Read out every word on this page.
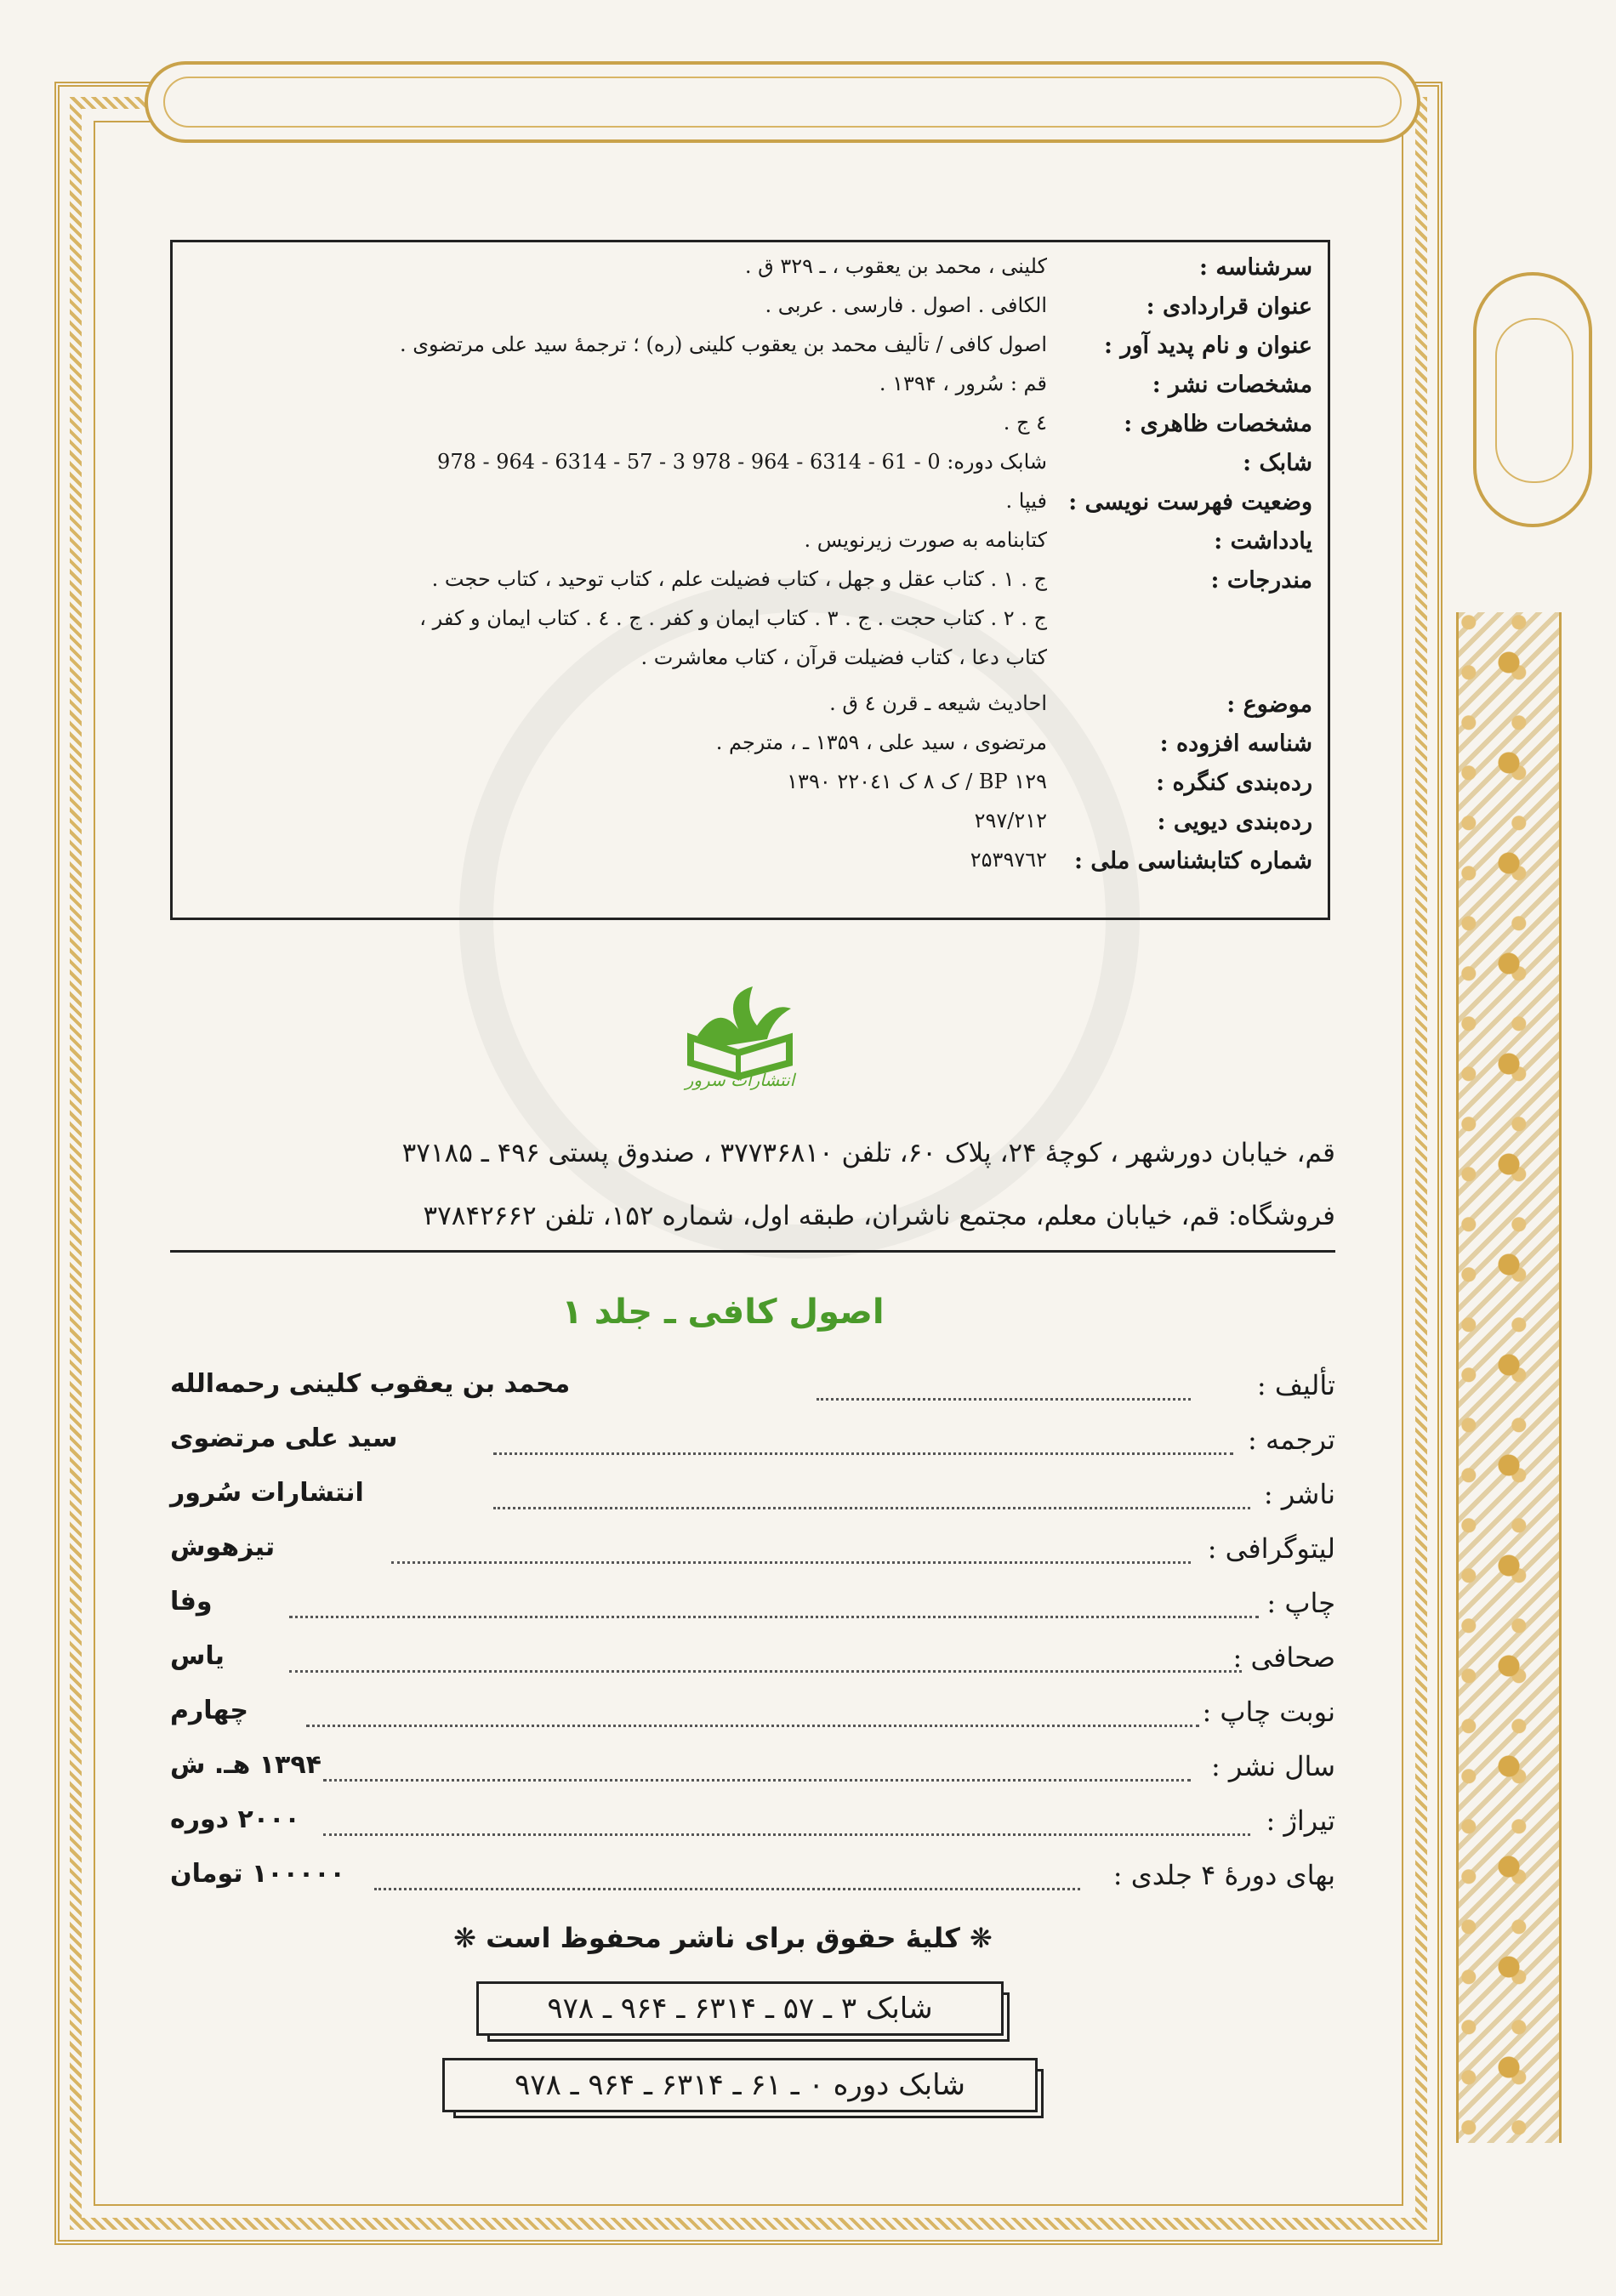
سرشناسه :
کلینی ، محمد بن یعقوب ، ـ ۳۲۹ ق .
عنوان قراردادی :
الکافی . اصول . فارسی . عربی .
عنوان و نام پدید آور :
اصول کافی / تألیف محمد بن یعقوب کلینی (ره) ؛ ترجمهٔ سید علی مرتضوی .
مشخصات نشر :
قم : سُرور ، ۱۳۹۴ .
مشخصات ظاهری :
٤ ج .
شابک :
978 - 964 - 6314 - 57 - 3 978 - 964 - 6314 - 61 - 0 :شابک دوره
وضعیت فهرست نویسی :
فیپا .
یادداشت :
کتابنامه به صورت زیرنویس .
مندرجات :
ج . ۱ . کتاب عقل و جهل ، کتاب فضیلت علم ، کتاب توحید ، کتاب حجت .
ج . ۲ . کتاب حجت . ج . ۳ . کتاب ایمان و کفر . ج . ٤ . کتاب ایمان و کفر ،
کتاب دعا ، کتاب فضیلت قرآن ، کتاب معاشرت .
موضوع :
احادیث شیعه ـ قرن ٤ ق .
شناسه افزوده :
مرتضوی ، سید علی ، ۱۳۵۹ ـ ، مترجم .
رده‌بندی کنگره :
BP ۱۲۹ / ک ۸ ک ۲۲۰٤۱ ۱۳۹۰
رده‌بندی دیویی :
۲۹۷/۲۱۲
شماره کتابشناسی ملی :
۲۵۳۹۷٦۲
انتشارات سرور
قم، خیابان دورشهر ، کوچهٔ ۲۴، پلاک ۶۰، تلفن ۳۷۷۳۶۸۱۰ ، صندوق پستی ۴۹۶ ـ ۳۷۱۸۵
فروشگاه: قم، خیابان معلم، مجتمع ناشران، طبقه اول، شماره ۱۵۲، تلفن ۳۷۸۴۲۶۶۲
اصول کافی ـ جلد ۱
تألیف :
محمد بن یعقوب کلینی رحمه‌الله
ترجمه :
سید علی مرتضوی
ناشر :
انتشارات سُرور
لیتوگرافی :
تیزهوش
چاپ :
وفا
صحافی :
یاس
نوبت چاپ :
چهارم
سال نشر :
۱۳۹۴ هـ. ش
تیراژ :
۲۰۰۰ دوره
بهای دورهٔ ۴ جلدی :
۱۰۰۰۰۰ تومان
❋ کلیهٔ حقوق برای ناشر محفوظ است ❋
شابک ۳ ـ ۵۷ ـ ۶۳۱۴ ـ ۹۶۴ ـ ۹۷۸
شابک دوره ۰ ـ ۶۱ ـ ۶۳۱۴ ـ ۹۶۴ ـ ۹۷۸
